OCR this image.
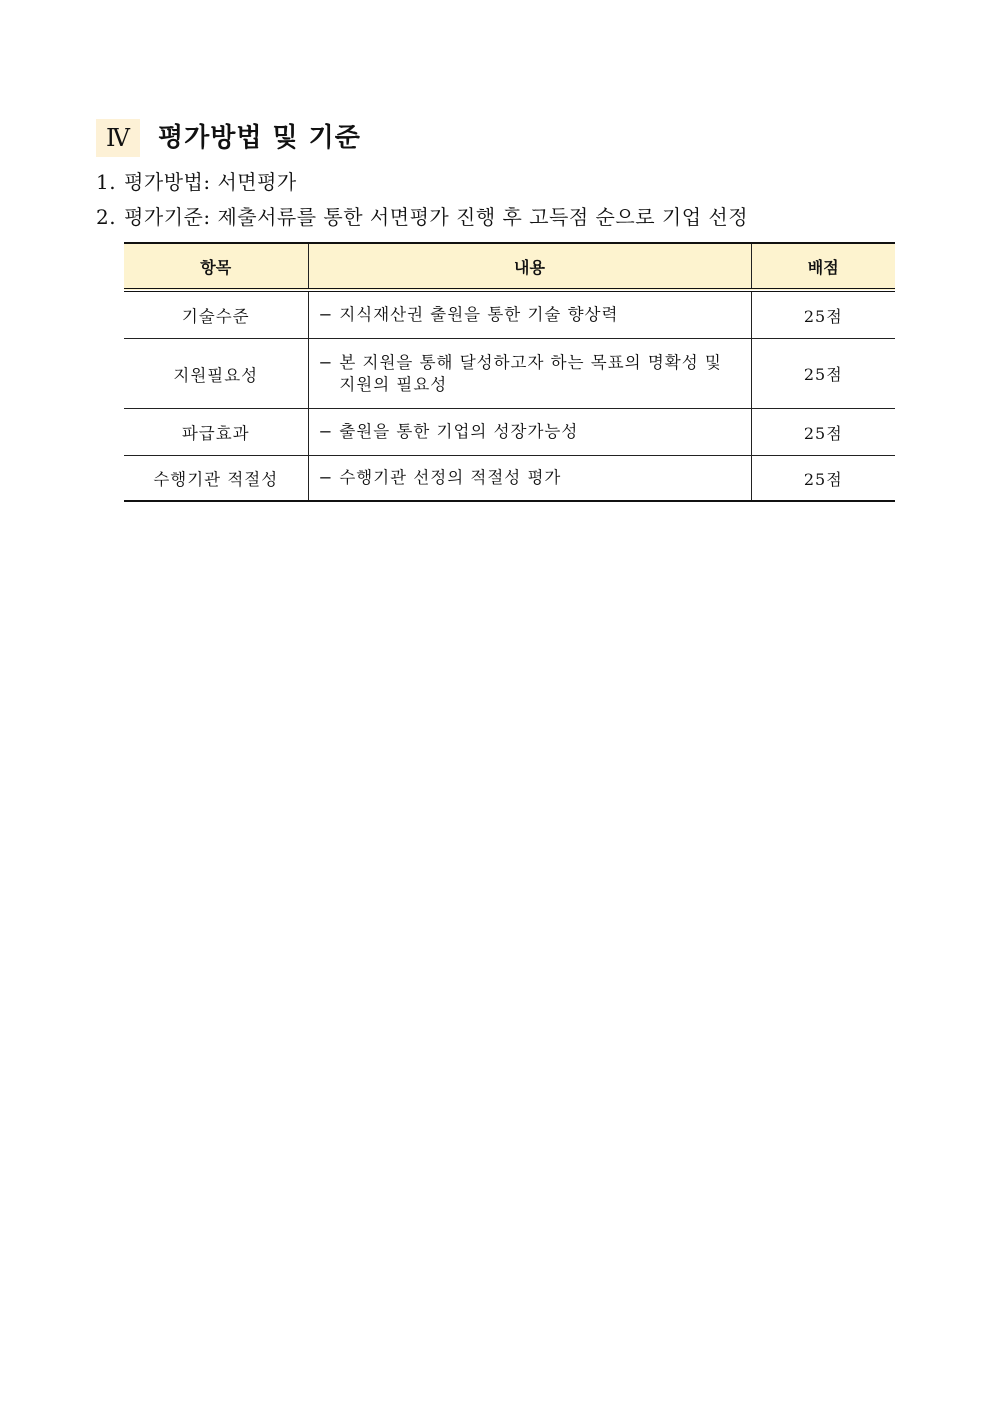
Ⅳ	평가방법 및 기준
1. 평가방법: 서면평가
2. 평가기준: 제출서류를 통한 서면평가 진행 후 고득점 순으로 기업 선정
항목	내용	배점
기술수준	− 지식재산권 출원을 통한 기술 향상력	25점
지원필요성	− 본 지원을 통해 달성하고자 하는 목표의 명확성 및 지원의 필요성	25점
파급효과	− 출원을 통한 기업의 성장가능성	25점
수행기관 적절성	− 수행기관 선정의 적절성 평가	25점
